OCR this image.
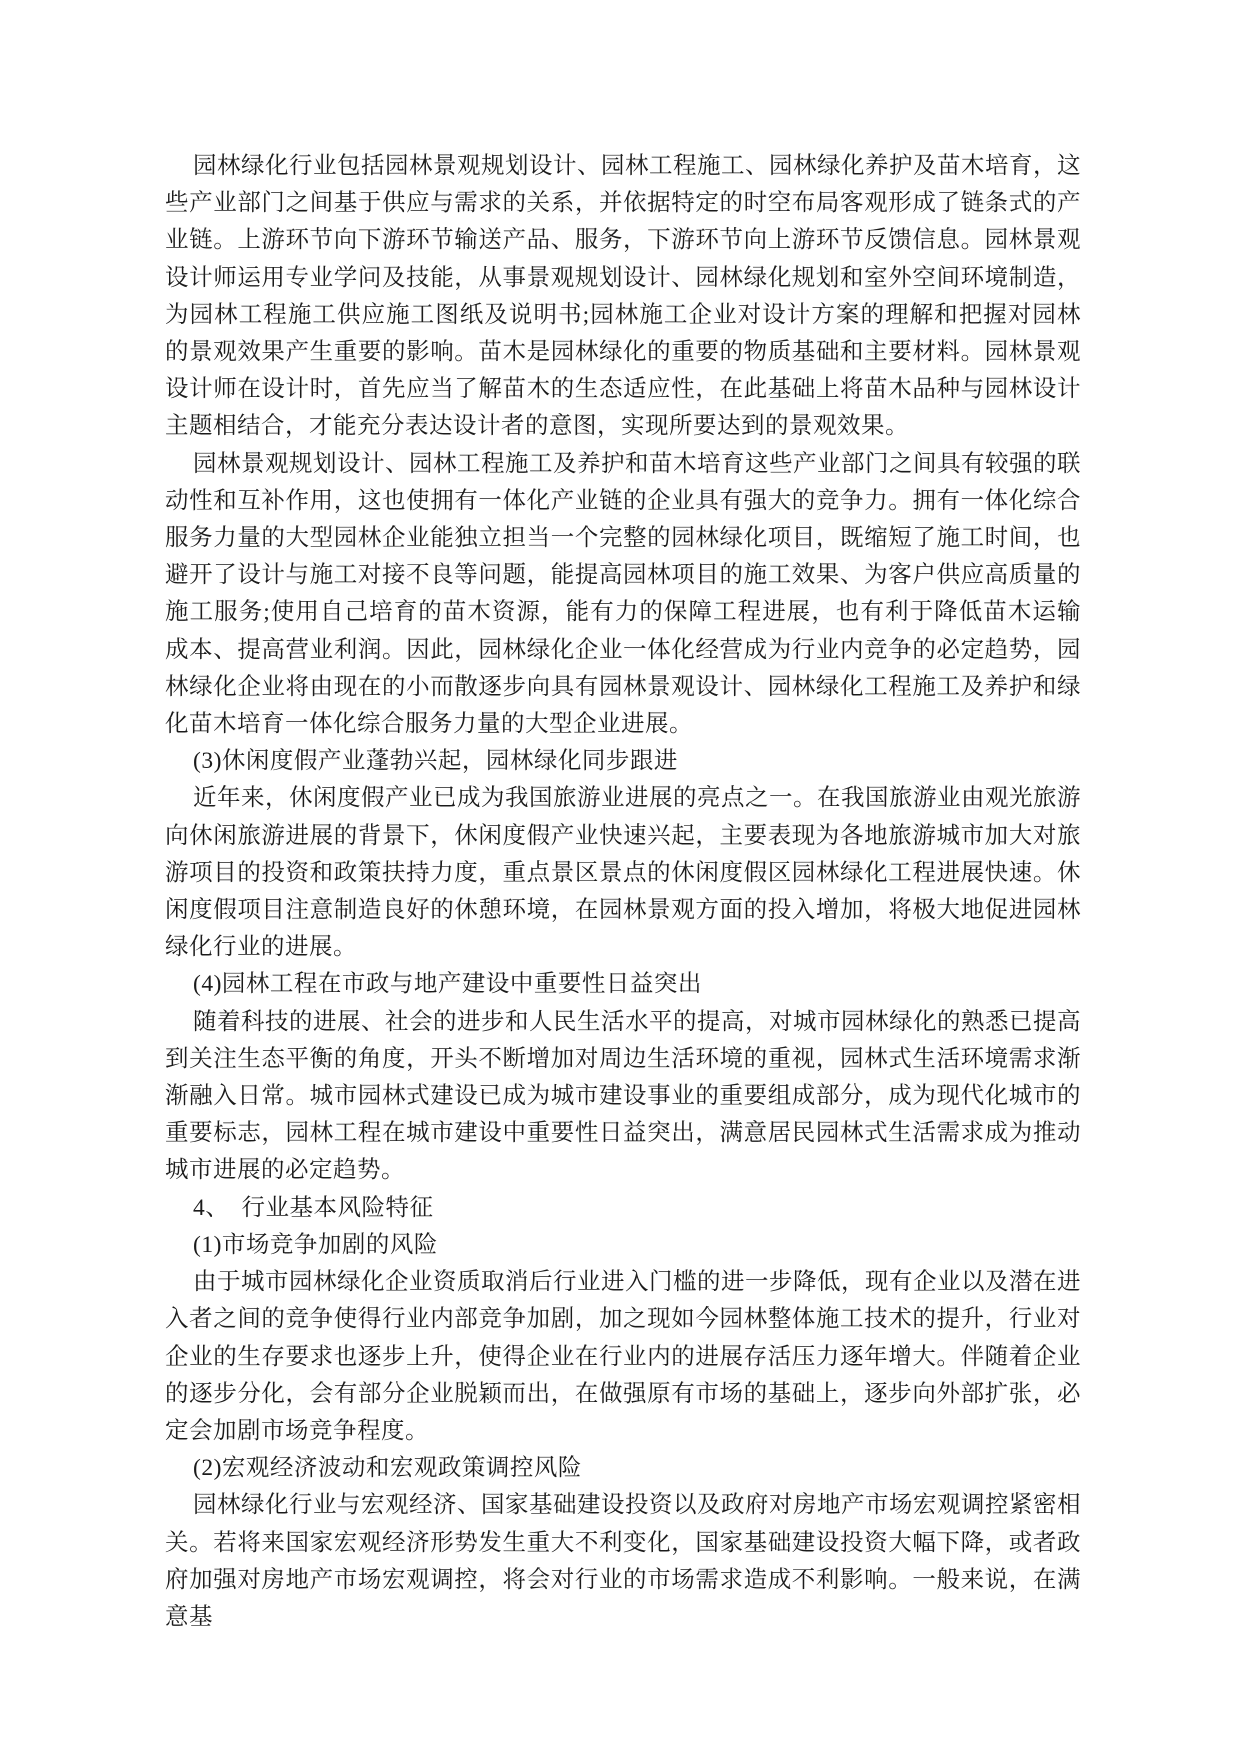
园林绿化行业包括园林景观规划设计、园林工程施工、园林绿化养护及苗木培育，这些产业部门之间基于供应与需求的关系，并依据特定的时空布局客观形成了链条式的产业链。上游环节向下游环节输送产品、服务，下游环节向上游环节反馈信息。园林景观设计师运用专业学问及技能，从事景观规划设计、园林绿化规划和室外空间环境制造，为园林工程施工供应施工图纸及说明书;园林施工企业对设计方案的理解和把握对园林的景观效果产生重要的影响。苗木是园林绿化的重要的物质基础和主要材料。园林景观设计师在设计时，首先应当了解苗木的生态适应性，在此基础上将苗木品种与园林设计主题相结合，才能充分表达设计者的意图，实现所要达到的景观效果。

园林景观规划设计、园林工程施工及养护和苗木培育这些产业部门之间具有较强的联动性和互补作用，这也使拥有一体化产业链的企业具有强大的竞争力。拥有一体化综合服务力量的大型园林企业能独立担当一个完整的园林绿化项目，既缩短了施工时间，也避开了设计与施工对接不良等问题，能提高园林项目的施工效果、为客户供应高质量的施工服务;使用自己培育的苗木资源，能有力的保障工程进展，也有利于降低苗木运输成本、提高营业利润。因此，园林绿化企业一体化经营成为行业内竞争的必定趋势，园林绿化企业将由现在的小而散逐步向具有园林景观设计、园林绿化工程施工及养护和绿化苗木培育一体化综合服务力量的大型企业进展。

(3)休闲度假产业蓬勃兴起，园林绿化同步跟进

近年来，休闲度假产业已成为我国旅游业进展的亮点之一。在我国旅游业由观光旅游向休闲旅游进展的背景下，休闲度假产业快速兴起，主要表现为各地旅游城市加大对旅游项目的投资和政策扶持力度，重点景区景点的休闲度假区园林绿化工程进展快速。休闲度假项目注意制造良好的休憩环境，在园林景观方面的投入增加，将极大地促进园林绿化行业的进展。

(4)园林工程在市政与地产建设中重要性日益突出

随着科技的进展、社会的进步和人民生活水平的提高，对城市园林绿化的熟悉已提高到关注生态平衡的角度，开头不断增加对周边生活环境的重视，园林式生活环境需求渐渐融入日常。城市园林式建设已成为城市建设事业的重要组成部分，成为现代化城市的重要标志，园林工程在城市建设中重要性日益突出，满意居民园林式生活需求成为推动城市进展的必定趋势。

4、　行业基本风险特征

(1)市场竞争加剧的风险

由于城市园林绿化企业资质取消后行业进入门槛的进一步降低，现有企业以及潜在进入者之间的竞争使得行业内部竞争加剧，加之现如今园林整体施工技术的提升，行业对企业的生存要求也逐步上升，使得企业在行业内的进展存活压力逐年增大。伴随着企业的逐步分化，会有部分企业脱颖而出，在做强原有市场的基础上，逐步向外部扩张，必定会加剧市场竞争程度。

(2)宏观经济波动和宏观政策调控风险

园林绿化行业与宏观经济、国家基础建设投资以及政府对房地产市场宏观调控紧密相关。若将来国家宏观经济形势发生重大不利变化，国家基础建设投资大幅下降，或者政府加强对房地产市场宏观调控，将会对行业的市场需求造成不利影响。一般来说，在满意基
